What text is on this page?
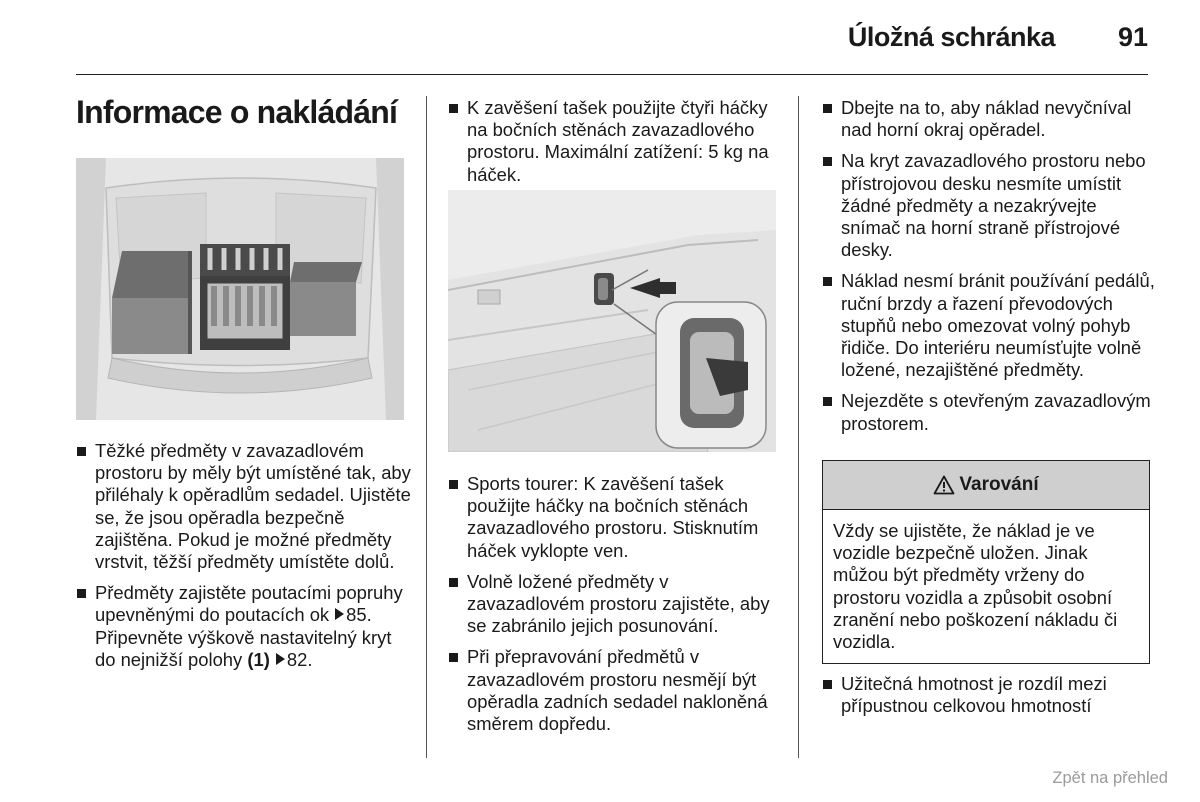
Úložná schránka 91
Informace o nakládání
Těžké předměty v zavazadlovém prostoru by měly být umístěné tak, aby přiléhaly k opěradlům sedadel. Ujistěte se, že jsou opěradla bezpečně zajištěna. Pokud je možné předměty vrstvit, těžší předměty umístěte dolů.
Předměty zajistěte poutacími popruhy upevněnými do poutacích ok 85. Připevněte výškově nastavitelný kryt do nejnižší polohy (1) 82.
K zavěšení tašek použijte čtyři háčky na bočních stěnách zavazadlového prostoru. Maximální zatížení: 5 kg na háček.
Sports tourer: K zavěšení tašek použijte háčky na bočních stěnách zavazadlového prostoru. Stisknutím háček vyklopte ven.
Volně ložené předměty v zavazadlovém prostoru zajistěte, aby se zabránilo jejich posunování.
Při přepravování předmětů v zavazadlovém prostoru nesmějí být opěradla zadních sedadel nakloněná směrem dopředu.
Dbejte na to, aby náklad nevyčníval nad horní okraj opěradel.
Na kryt zavazadlového prostoru nebo přístrojovou desku nesmíte umístit žádné předměty a nezakrývejte snímač na horní straně přístrojové desky.
Náklad nesmí bránit používání pedálů, ruční brzdy a řazení převodových stupňů nebo omezovat volný pohyb řidiče. Do interiéru neumísťujte volně ložené, nezajištěné předměty.
Nejezděte s otevřeným zavazadlovým prostorem.
Varování
Vždy se ujistěte, že náklad je ve vozidle bezpečně uložen. Jinak můžou být předměty vrženy do prostoru vozidla a způsobit osobní zranění nebo poškození nákladu či vozidla.
Užitečná hmotnost je rozdíl mezi přípustnou celkovou hmotností
Zpět na přehled
